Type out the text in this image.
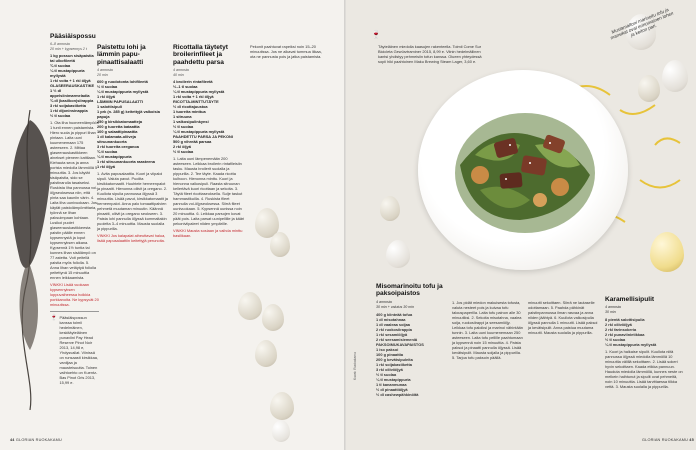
Pääsiäispossu
6–8 annosta
20 min + kypsennys 2 t
1 kg possun sisäpaistia tai ulkofileetä
¾ tl suolaa
¼ tl mustapippuria myllystä
1 rkl voita + 1 rkl öljyä
GLASEERAUSKASTIKE
1 ½ dl appelsiinimarmeladia
¾ dl (basilkon)siirappia
3 rkl soijakastiketta
1 rkl dijoninsinappia
½ tl suolaa

1. Ota liha huoneenlämpöön 1 tunti ennen paistamista. Hiero suola ja pippuri lihan pintaan. Laita uuni kuumenemaan 175 asteeseen. 2. Mittaa glaseerauskastikkeen ainekset pieneen kattilaan. Kiehauta seos ja anna porista miedolla lämmöllä 5 minuuttia. 3. Jos käytät sisäpaistia, sido se paistinarulla tasaiseksi. Ruskista liha pannussa voi-öljyseoksessa niin, että pinta saa kauniin värin. 4. Laita liha uunivuokaan. Jos käytät paistolämpömittaria, työnnä se lihan paksuimpaan kohtaan. Lusikoi puolet glaseerauskastikkeesta paistin päälle ennen kypsennystä ja loput kypsennyksen aikana. Kypsennä 1½ tuntia tai kunnes lihan sisälämpö on 77 astetta. Voit peitellä paistia myös foliolla. 5. Anna lihan vetäytyä foliolla peitettynä 15 minuuttia ennen leikkaamista.

VINKKI Lisää vuokaan kypsennyksen loppuvaiheessa hoikkia porkkanoita. Ne kypsyvät 20 minuutissa.

🍷 Pääsiäispossun kanssa toimii hedelmäinen, keskitäyteläinen punaviini Pay Head Reserve Pinot Noir 2013, 14,98 e, Yhdysvallat. Viinissä on runsaasti kirsikkaa, vaniljaa ja mausteisuutta. Toinen vaihtoehto on Kuentz-Bas Pinot Gris 2013, 15,99 e.
Paistettu lohi ja lämmin papu-pinaattisalaatti
4 annosta
20 min
600 g ruodotonta lohifileetä
½ tl suolaa
¼ tl mustapippuria myllystä
1 rkl öljyä
LÄMMIN PAPUSALAATTI
1 salottisipuli
1 prk (n. 285 g) keitettyjä valkoisia papuja
250 g kirsikkatomaatteja
200 g tuoretta bataattia
100 g salaattipinaattia
1 dl kalamata-oliiveja
sitruunankuorta
3 rkl tuoreita oreganoa
¾ tl suolaa
¼ tl mustapippuria
1 rkl sitruunankuorta raasteena
1 rkl öljyä

1. Avita papusalaattia. Kuori ja viipaloi sipuli. Valuta pavut. Puolita kirsikkatomaatit. Huuhtele herneenpalot ja pinaatit. Hienonna oliivit ja oregano. 2. Kuullota sipulia pannussa öljyssä 3 minuuttia. Lisää pavut, kirsikkatomaatit ja herneenpalot. Anna palo tomaattipalvien pehmetä muutaman minuutin. Käännä pinaatti, oliivit ja oregano seokseen. 3. Paista lohi pannulla öljyssä kummaltakin puolelta 3–4 minuuttia. Mausta suolalla ja pippurilla.

VINKKI Jos kalapalat aiheuttavat halua, lisää papusalaattiin keitettyjä perunoita.

Ricottalla täytetyt broilerinfileet ja paahdettu parsa
4 annosta
40 min
4 broilerin rintafileetä
½–1 tl suolaa
¼ tl mustapippuria myllystä
1 rkl voita + 1 rkl öljyä
RICOTTA-MINTTUTÄYTE
½ dl ricottajuustoa
1 tuoreita minttua
1 sitruuna
1 valkosipulinkynsi
½ tl suolaa
¼ tl mustapippuria myllystä
PAAHDETTU PARSA JA PEKONI
500 g vihreää parsaa
2 rkl öljyä
½ tl suolaa

1. Laita uuni lämpenemään 200 asteeseen. Leikkaa broilerin rintafileisiin tasku. Mausta broilerit suolalla ja pippurilla. 2. Tee täyte. Kaada ricotta kulhoon. Hienonna minttu. Kuori ja hienonna valkosipuli. Raasta sitruunan kellertävä kuori ricottaan ja sekoita. 3. Täytä fileet ricottaseoksella. Sulje taskut hammastikuilla. 4. Ruskista fileet pannulla voi-öljyseoksessa. Siirrä fileet uunivuokaan. 5. Kypsennä uunissa noin 20 minuuttia. 6. Leikkaa parsojen kovat päät pois. Laita parsat uunipellille ja kääri pekoniviipaleet niiden ympärille.

VINKKI Mausta sosiaan ja vaihda minttu basilikaan.

Pekonit paahtuvat rapeiksi noin 15–20 minuutissa. Jos ne alkavat tummua liikaa, ota ne pannusta pois ja jatka paistamista.

44 GLORIAN RUOKAKAMU
🍷
Täyteläinen miedolla kaasujen rakenteella. Toimii Come Sur Bicicleta Gewürztraminer 2015, 8,99 e. Viinin hedelmällinen kantsi yhdistyy pehmeisiin tofun kanssa. Olueen yhteydessä sopii hiki paahtoinen Maku Brewing Steam Lager, 3,60 e.
Mustamaltoni marinoitu tofu ja mansikat ovat erinomainen lohen ja keiton pari.
Kuvat: Ruokakamu
Misomarinoitu tofu ja paksoipaistos
4 annosta
30 min + valutus 30 min
400 g kiinteää tofua
1 dl misotahnaa
1 dl vaaleaa soijaa
2 rkl ruokosiirappia
1 rkl sesamiöljyä
2 rkl seesamisiemeniä
PAKSOIMUKAVAPAISTOS
1 iso paksoi
100 g pinaattia
200 g kevätsipuleita
1 rkl soijakastiketta
3 rkl oliiviöljyä
½ tl suolaa
¼ tl mustapippuria
1 tl kananmunaa
½ dl pinaattiöljyä
½ dl cashewpähkinöitä

1. Jos pidät miedon makuisesta tofusta, valuta nesteet pois ja kuivaa tofu talouspaperilla. Laita tofu painon alle 30 minuutiksi. 2. Sekoita misotahna, vaalea soija, ruokosiirappi ja seesamiöljy. Leikkaa tofu paloiksi ja marinoi vähintään tunnin. 3. Laita uuni kuumenemaan 250 asteeseen. Laita tofu pellille paahtumaan ja kypsennä noin 15 minuuttia. 4. Paista paksoi ja pinaatti pannulla öljyssä. Lisää kevätsipulit. Mausta soijalla ja pippurilla. 5. Tarjoa tofu paksoin päällä.

minuutti sekoittaen. Siirrä ne lautaselle odottamaan. 5. Paahda pähkinät paistinpannussa ilman rasvaa ja anna niiden jäähtyä. 6. Kuullota valkosipulia öljyssä pannulla 1 minuutti. Lisää paksoi ja kevätsipulit. Anna paistua muutama minuutti. Mausta suolalla ja pippurilla.

Karamellisipulit
4 annosta
30 min
8 pientä salottisipulia
2 rkl oliiviöljyä
2 rkl farinsokeria
2 rkl punaviinietikkaa
½ tl suolaa
¼ tl mustapippuria myllystä

1. Kuori ja halkaise sipulit. Kuullota niitä pannussa öljyssä miedolla lämmöllä 10 minuuttia välillä sekoittaen. 2. Lisää sokeri hyvin sekoittaen. Kaada etikka pannuun. Hauduta miedolla lämmöllä, kunnes neste on melkein haihtunut ja sipulit ovat pehmeitä, noin 10 minuuttia. Lisää tarvittaessa tilkka vettä. 3. Mausta suolalla ja pippurilla.

GLORIAN RUOKAKAMU 45
